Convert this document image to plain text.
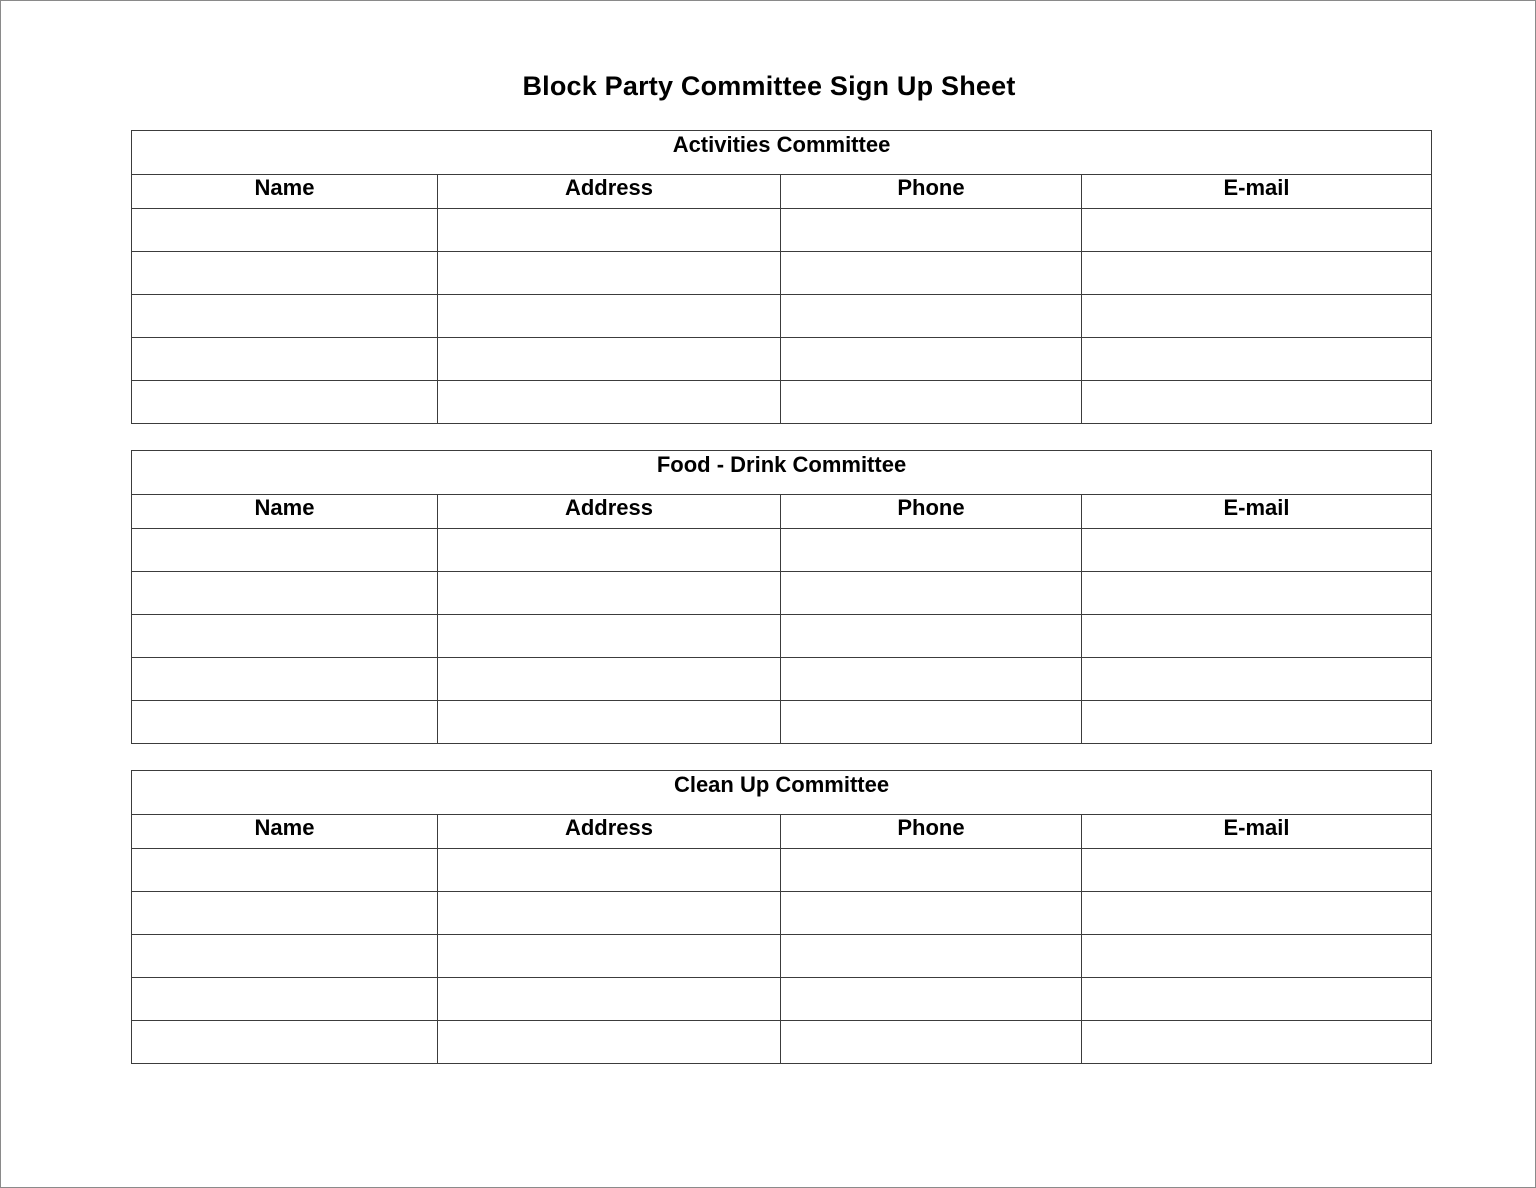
Block Party Committee Sign Up Sheet
Activities Committee			
Name	Address	Phone	E-mail

Food - Drink Committee			
Name	Address	Phone	E-mail

Clean Up Committee			
Name	Address	Phone	E-mail
